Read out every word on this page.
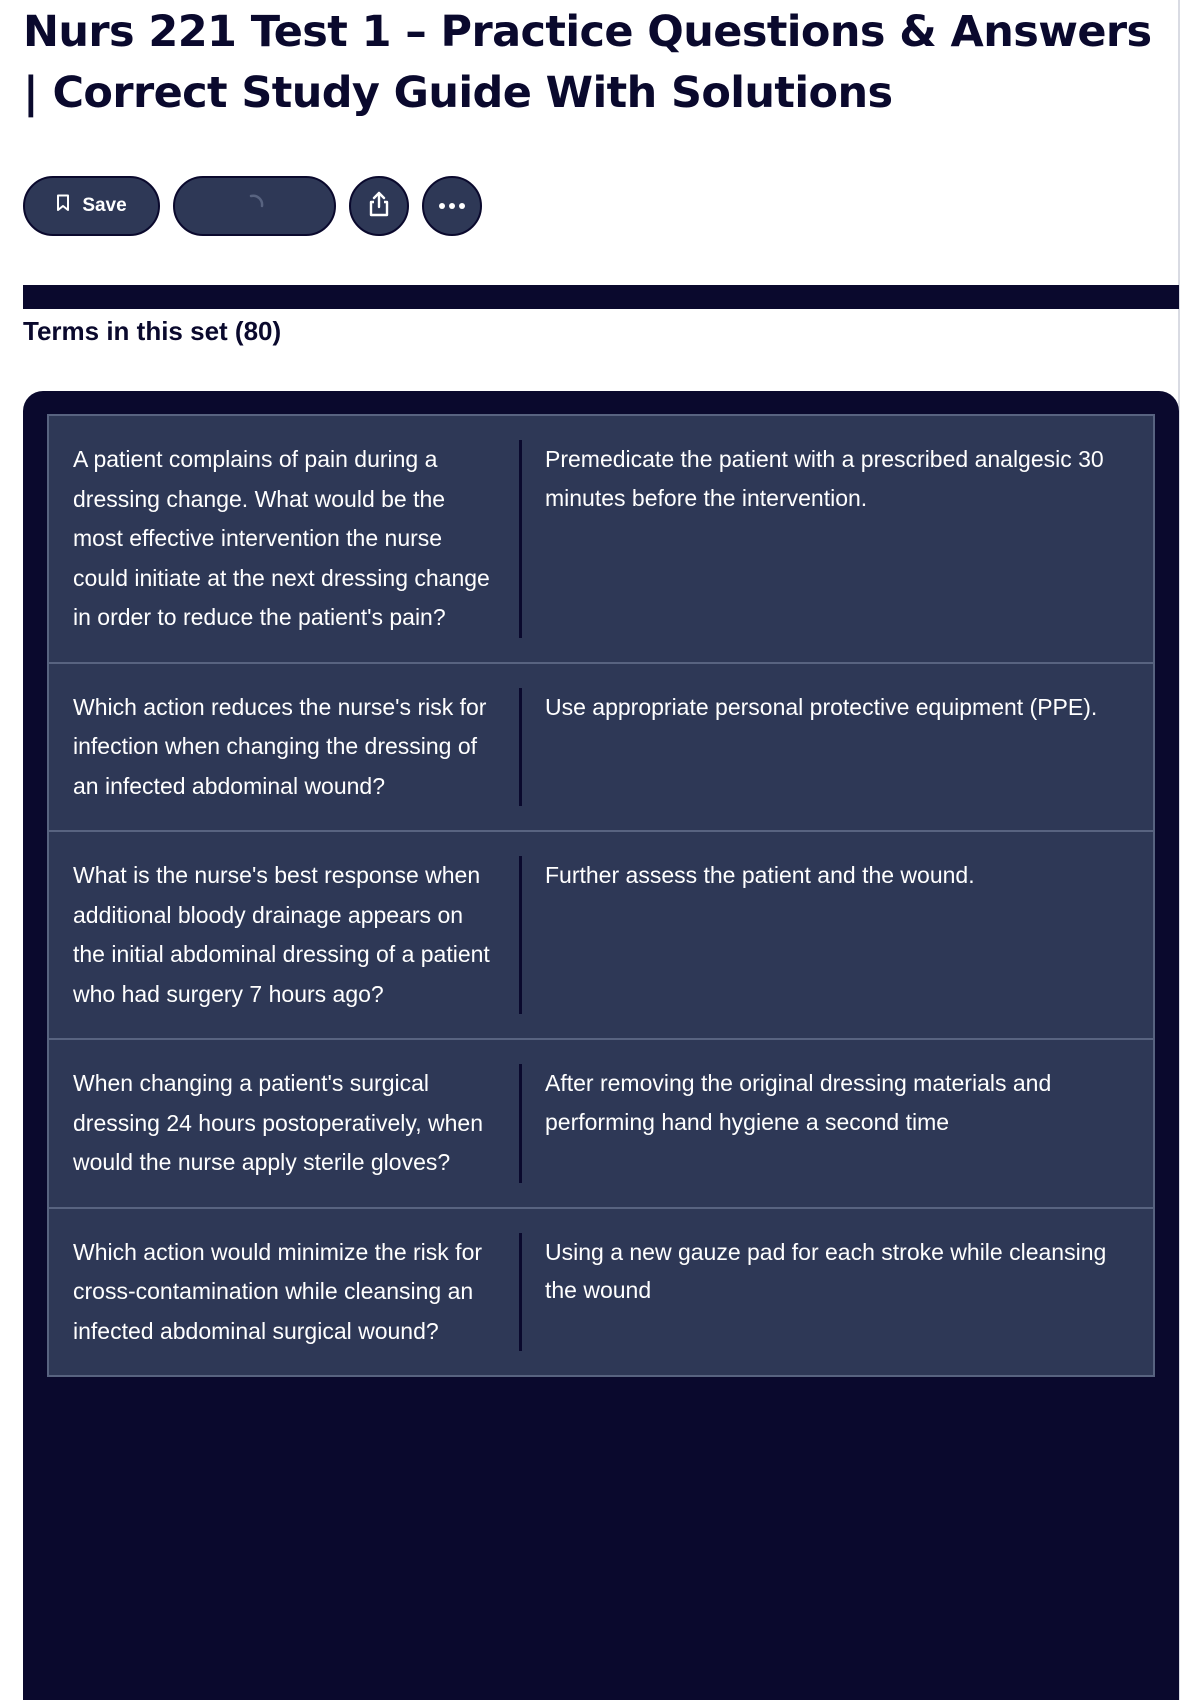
Nurs 221 Test 1 – Practice Questions & Answers | Correct Study Guide With Solutions
Save
Terms in this set (80)
A patient complains of pain during a dressing change. What would be the most effective intervention the nurse could initiate at the next dressing change in order to reduce the patient's pain?
Premedicate the patient with a prescribed analgesic 30 minutes before the intervention.
Which action reduces the nurse's risk for infection when changing the dressing of an infected abdominal wound?
Use appropriate personal protective equipment (PPE).
What is the nurse's best response when additional bloody drainage appears on the initial abdominal dressing of a patient who had surgery 7 hours ago?
Further assess the patient and the wound.
When changing a patient's surgical dressing 24 hours postoperatively, when would the nurse apply sterile gloves?
After removing the original dressing materials and performing hand hygiene a second time
Which action would minimize the risk for cross-contamination while cleansing an infected abdominal surgical wound?
Using a new gauze pad for each stroke while cleansing the wound
